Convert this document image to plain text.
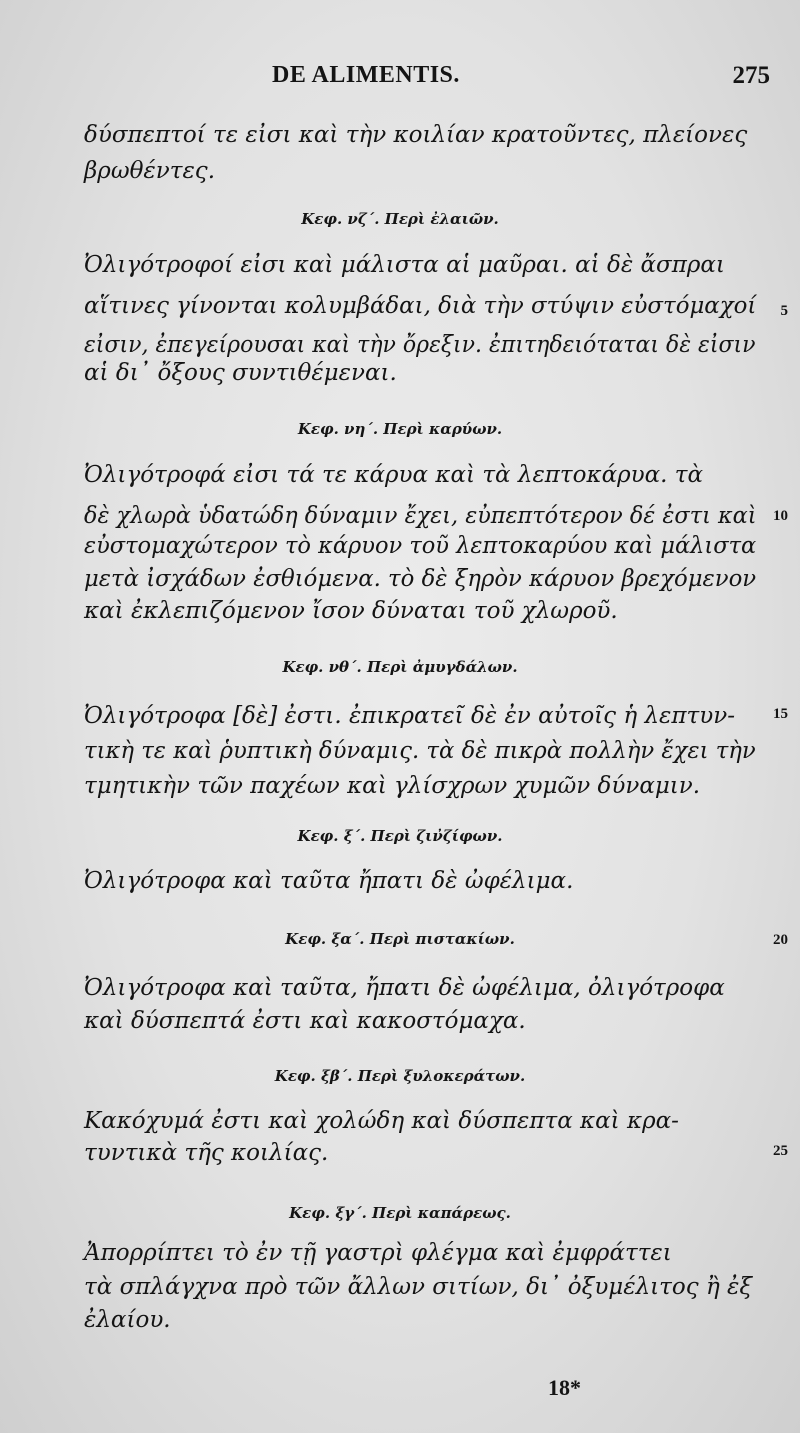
DE ALIMENTIS.	275
δύσπεπτοί τε εἰσι καὶ τὴν κοιλίαν κρατοῦντες, πλείονες
βρωθέντες.
Κεφ. νζ΄. Περὶ ἐλαιῶν.
Ὀλιγότροφοί εἰσι καὶ μάλιστα αἱ μαῦραι. αἱ δὲ ἄσπραι
αἵτινες γίνονται κολυμβάδαι, διὰ τὴν στύψιν εὐστόμαχοί
εἰσιν, ἐπεγείρουσαι καὶ τὴν ὄρεξιν. ἐπιτηδειόταται δὲ εἰσιν
αἱ δι᾽ ὄξους συντιθέμεναι.
Κεφ. νη΄. Περὶ καρύων.
Ὀλιγότροφά εἰσι τά τε κάρυα καὶ τὰ λεπτοκάρυα. τὰ
δὲ χλωρὰ ὑδατώδη δύναμιν ἔχει, εὐπεπτότερον δέ ἐστι καὶ
εὐστομαχώτερον τὸ κάρυον τοῦ λεπτοκαρύου καὶ μάλιστα
μετὰ ἰσχάδων ἐσθιόμενα. τὸ δὲ ξηρὸν κάρυον βρεχόμενον
καὶ ἐκλεπιζόμενον ἴσον δύναται τοῦ χλωροῦ.
Κεφ. νθ΄. Περὶ ἀμυγδάλων.
Ὀλιγότροφα [δὲ] ἐστι. ἐπικρατεῖ δὲ ἐν αὐτοῖς ἡ λεπτυν-
τικὴ τε καὶ ῥυπτικὴ δύναμις. τὰ δὲ πικρὰ πολλὴν ἔχει τὴν
τμητικὴν τῶν παχέων καὶ γλίσχρων χυμῶν δύναμιν.
Κεφ. ξ΄. Περὶ ζιν̓ζίφων.
Ὀλιγότροφα καὶ ταῦτα ἤπατι δὲ ὠφέλιμα.
Κεφ. ξα΄. Περὶ πιστακίων.
Ὀλιγότροφα καὶ ταῦτα, ἤπατι δὲ ὠφέλιμα, ὀλιγότροφα
καὶ δύσπεπτά ἐστι καὶ κακοστόμαχα.
Κεφ. ξβ΄. Περὶ ξυλοκεράτων.
Κακόχυμά ἐστι καὶ χολώδη καὶ δύσπεπτα καὶ κρα-
τυντικὰ τῆς κοιλίας.
Κεφ. ξγ΄. Περὶ καπάρεως.
Ἀπορρίπτει τὸ ἐν τῇ γαστρὶ φλέγμα καὶ ἐμφράττει
τὰ σπλάγχνα πρὸ τῶν ἄλλων σιτίων, δι᾽ ὀξυμέλιτος ἢ ἐξ
ἐλαίου.
5
10
15
20
25
18*
